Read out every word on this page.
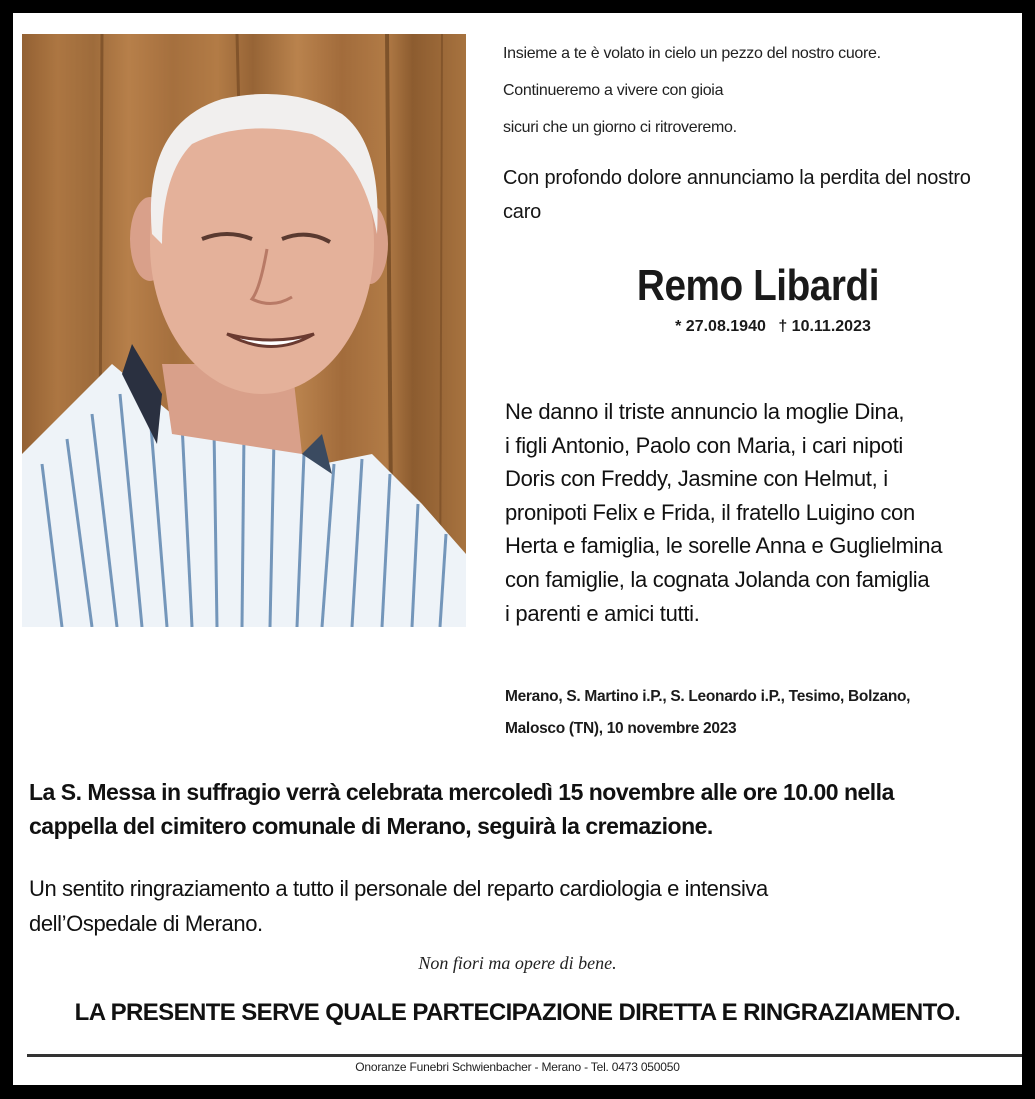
Insieme a te è volato in cielo un pezzo del nostro cuore.
Continueremo a vivere con gioia
sicuri che un giorno ci ritroveremo.
Con profondo dolore annunciamo la perdita del nostro caro
Remo Libardi
* 27.08.1940 † 10.11.2023
Ne danno il triste annuncio la moglie Dina,
i figli Antonio, Paolo con Maria, i cari nipoti
Doris con Freddy, Jasmine con Helmut, i
pronipoti Felix e Frida, il fratello Luigino con
Herta e famiglia, le sorelle Anna e Guglielmina
con famiglie, la cognata Jolanda con famiglia
i parenti e amici tutti.
Merano, S. Martino i.P., S. Leonardo i.P., Tesimo, Bolzano,
Malosco (TN), 10 novembre 2023
La S. Messa in suffragio verrà celebrata mercoledì 15 novembre alle ore 10.00 nella
cappella del cimitero comunale di Merano, seguirà la cremazione.
Un sentito ringraziamento a tutto il personale del reparto cardiologia e intensiva
dell’Ospedale di Merano.
Non fiori ma opere di bene.
LA PRESENTE SERVE QUALE PARTECIPAZIONE DIRETTA E RINGRAZIAMENTO.
Onoranze Funebri Schwienbacher - Merano - Tel. 0473 050050
